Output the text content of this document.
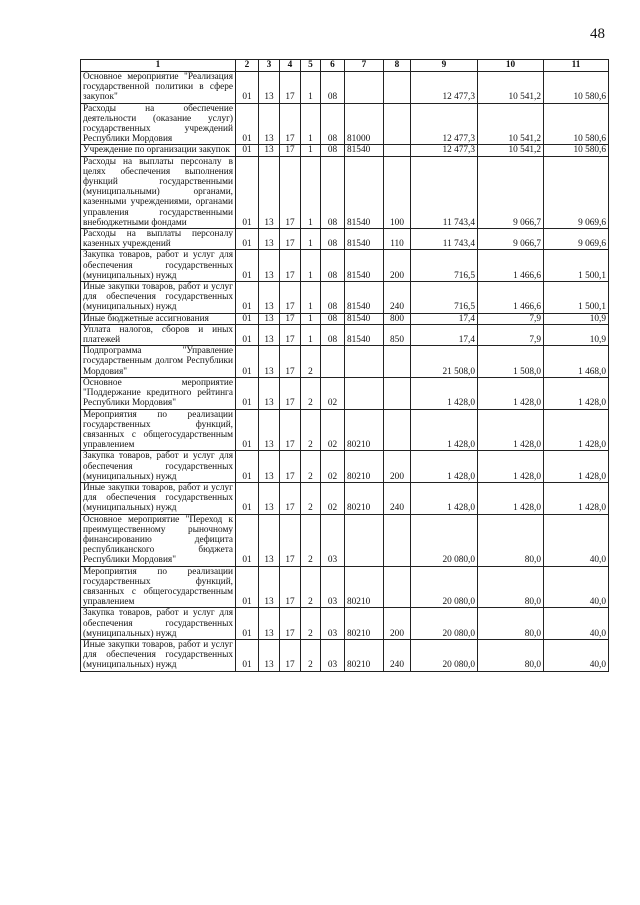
48
1	2	3	4	5	6	7	8	9	10	11
Основное мероприятие "Реализация государственной политики в сфере закупок"	01	13	17	1	08			12 477,3	10 541,2	10 580,6
Расходы на обеспечение деятельности (оказание услуг) государственных учреждений Республики Мордовия	01	13	17	1	08	81000		12 477,3	10 541,2	10 580,6
Учреждение по организации закупок	01	13	17	1	08	81540		12 477,3	10 541,2	10 580,6
Расходы на выплаты персоналу в целях обеспечения выполнения функций государственными (муниципальными) органами, казенными учреждениями, органами управления государственными внебюджетными фондами	01	13	17	1	08	81540	100	11 743,4	9 066,7	9 069,6
Расходы на выплаты персоналу казенных учреждений	01	13	17	1	08	81540	110	11 743,4	9 066,7	9 069,6
Закупка товаров, работ и услуг для обеспечения государственных (муниципальных) нужд	01	13	17	1	08	81540	200	716,5	1 466,6	1 500,1
Иные закупки товаров, работ и услуг для обеспечения государственных (муниципальных) нужд	01	13	17	1	08	81540	240	716,5	1 466,6	1 500,1
Иные бюджетные ассигнования	01	13	17	1	08	81540	800	17,4	7,9	10,9
Уплата налогов, сборов и иных платежей	01	13	17	1	08	81540	850	17,4	7,9	10,9
Подпрограмма "Управление государственным долгом Республики Мордовия"	01	13	17	2				21 508,0	1 508,0	1 468,0
Основное мероприятие "Поддержание кредитного рейтинга Республики Мордовия"	01	13	17	2	02			1 428,0	1 428,0	1 428,0
Мероприятия по реализации государственных функций, связанных с общегосударственным управлением	01	13	17	2	02	80210		1 428,0	1 428,0	1 428,0
Закупка товаров, работ и услуг для обеспечения государственных (муниципальных) нужд	01	13	17	2	02	80210	200	1 428,0	1 428,0	1 428,0
Иные закупки товаров, работ и услуг для обеспечения государственных (муниципальных) нужд	01	13	17	2	02	80210	240	1 428,0	1 428,0	1 428,0
Основное мероприятие "Переход к преимущественному рыночному финансированию дефицита республиканского бюджета Республики Мордовия"	01	13	17	2	03			20 080,0	80,0	40,0
Мероприятия по реализации государственных функций, связанных с общегосударственным управлением	01	13	17	2	03	80210		20 080,0	80,0	40,0
Закупка товаров, работ и услуг для обеспечения государственных (муниципальных) нужд	01	13	17	2	03	80210	200	20 080,0	80,0	40,0
Иные закупки товаров, работ и услуг для обеспечения государственных (муниципальных) нужд	01	13	17	2	03	80210	240	20 080,0	80,0	40,0
